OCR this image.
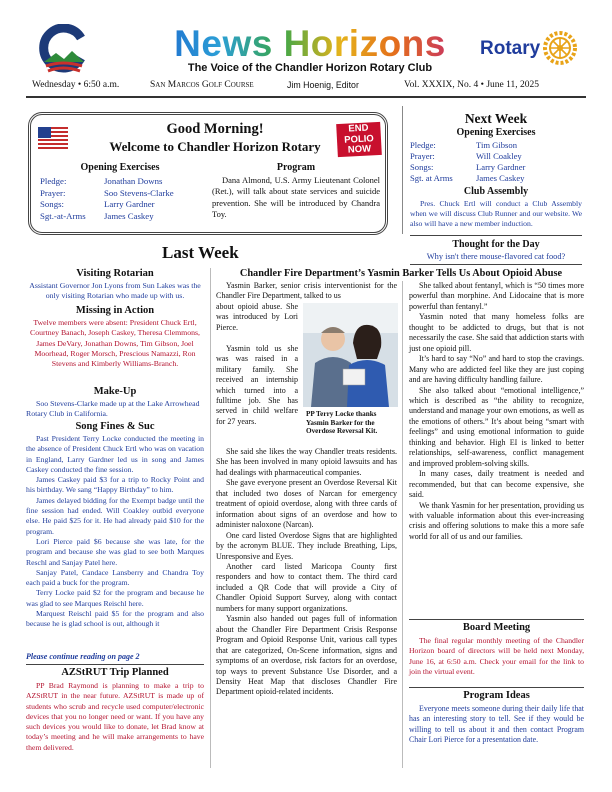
News Horizons
The Voice of the Chandler Horizon Rotary Club
Rotary
Wednesday • 6:50 a.m.	San Marcos Golf Course	Jim Hoenig, Editor	Vol. XXXIX, No. 4 • June 11, 2025
Good Morning!
Welcome to Chandler Horizon Rotary
END POLIO NOW
Opening Exercises
Pledge:	Jonathan Downs
Prayer:	Soo Stevens-Clarke
Songs:	Larry Gardner
Sgt.-at-Arms James Caskey
Program
Dana Almond, U.S. Army Lieutenant Colonel (Ret.), will talk about state services and suicide prevention. She will be introduced by Chandra Toy.
Next Week
Opening Exercises
Pledge:	Tim Gibson
Prayer:	Will Coakley
Songs:	Larry Gardner
Sgt. at Arms	James Caskey
Club Assembly
Pres. Chuck Ertl will conduct a Club Assembly when we will discuss Club Runner and our website. We also will have a new member induction.
Thought for the Day
Why isn't there mouse-flavored cat food?
Last Week
Visiting Rotarian
Assistant Governor Jon Lyons from Sun Lakes was the only visiting Rotarian who made up with us.
Missing in Action
Twelve members were absent: President Chuck Ertl, Courtney Banach, Joseph Caskey, Theresa Clemmons, James DeVary, Jonathan Downs, Tim Gibson, Joel Moorhead, Roger Morsch, Prescious Namazzi, Ron Stevens and Kimberly Williams-Branch.
Make-Up
Soo Stevens-Clarke made up at the Lake Arrowhead Rotary Club in California.
Song Fines & Suc

Past President Terry Locke conducted the meeting in the absence of President Chuck Ertl who was on vacation in England, Larry Gardner led us in song and James Caskey conducted the fine session.

James Caskey paid $3 for a trip to Rocky Point and his birthday. We sang “Happy Birthday” to him.

James delayed bidding for the Exempt badge until the fine session had ended. Will Coakley outbid everyone else. He paid $25 for it. He had already paid $10 for the program.

Lori Pierce paid $6 because she was late, for the program and because she was glad to see both Marques Reschl and Sanjay Patel here.

Sanjay Patel, Candace Lansberry and Chandra Toy each paid a buck for the program.

Terry Locke paid $2 for the program and because he was glad to see Marques Reischl here.

Marquest Reischl paid $5 for the program and also because he is glad school is out, although it

Please continue reading on page 2
AZStRUT Trip Planned
PP Brad Raymond is planning to make a trip to AZStRUT in the near future. AZStRUT is made up of students who scrub and recycle used computer/electronic devices that you no longer need or want. If you have any such devices you would like to donate, let Brad know at today’s meeting and he will make arrangements to have them delivered.
Chandler Fire Department’s Yasmin Barker Tells Us About Opioid Abuse
Yasmin Barker, senior crisis interventionist for the Chandler Fire Department, talked to us
about opioid abuse. She was introduced by Lori Pierce.
Yasmin told us she was was raised in a military family. She received an internship which turned into a fulltime job. She has served in child welfare for 27 years.
PP Terry Locke thanks Yasmin Barker for the Overdose Reversal Kit.

She said she likes the way Chandler treats residents. She has been involved in many opioid lawsuits and has had dealings with pharmaceutical companies.

She gave everyone present an Overdose Reversal Kit that included two doses of Narcan for emergency treatment of opioid overdose, along with three cards of information about signs of an overdose and how to administer naloxone (Narcan).

One card listed Overdose Signs that are highlighted by the acronym BLUE. They include Breathing, Lips, Unresponsive and Eyes.

Another card listed Maricopa County first responders and how to contact them. The third card included a QR Code that will provide a City of Chandler Opioid Support Survey, along with contact numbers for many support organizations.

Yasmin also handed out pages full of information about the Chandler Fire Department Crisis Response Program and Opioid Response Unit, various call types that are categorized, On-Scene information, signs and symptoms of an overdose, risk factors for an overdose, top ways to prevent Substance Use Disorder, and a Density Heat Map that discloses Chandler Fire Department opioid-related incidents.

She talked about fentanyl, which is “50 times more powerful than morphine. And Lidocaine that is more powerful than fentanyl.”

Yasmin noted that many homeless folks are thought to be addicted to drugs, but that is not necessarily the case. She said that addiction starts with just one opioid pill.

It’s hard to say “No” and hard to stop the cravings. Many who are addicted feel like they are just coping and are having difficulty handling failure.

She also talked about “emotional intelligence,” which is described as “the ability to recognize, understand and manage your own emotions, as well as the emotions of others.” It’s about being “smart with feelings” and using emotional information to guide thinking and behavior. High EI is linked to better relationships, self-awareness, conflict management and improved problem-solving skills.

In many cases, daily treatment is needed and recommended, but that can become expensive, she said.

We thank Yasmin for her presentation, providing us with valuable information about this ever-increasing crisis and offering solutions to make this a more safe world for all of us and our families.

Board Meeting
The final regular monthly meeting of the Chandler Horizon board of directors will be held next Monday, June 16, at 6:50 a.m. Check your email for the link to join the virtual event.
Program Ideas
Everyone meets someone during their daily life that has an interesting story to tell. See if they would be willing to tell us about it and then contact Program Chair Lori Pierce for a presentation date.
